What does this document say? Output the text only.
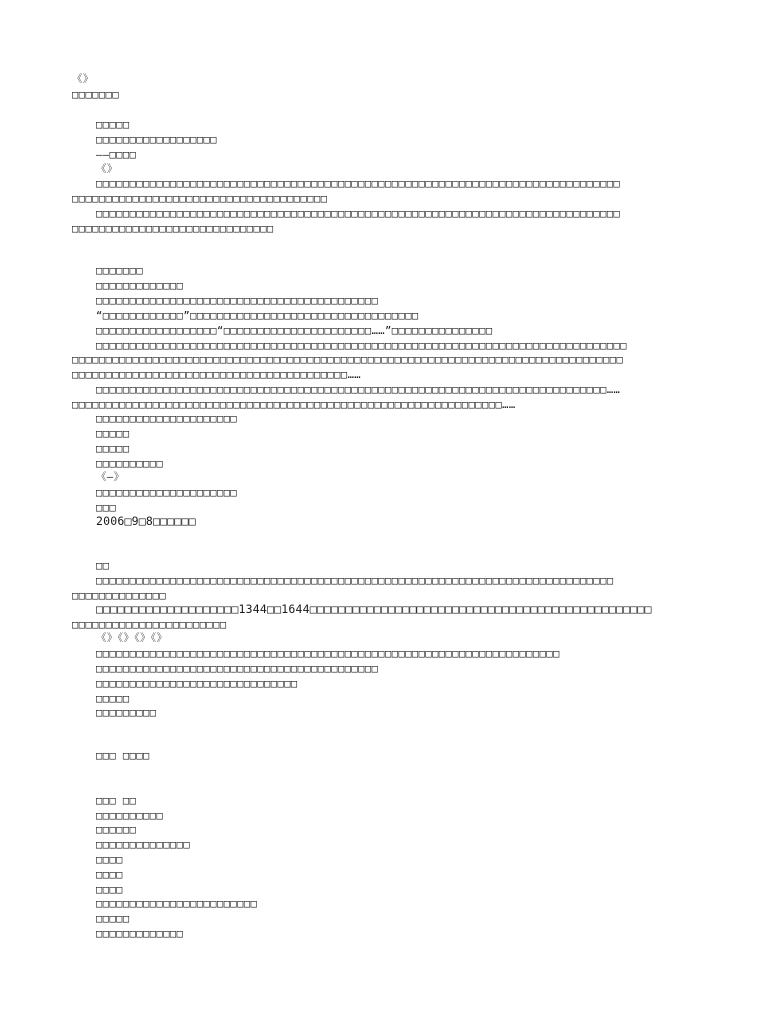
《》
□□□□□□□
□□□□□
□□□□□□□□□□□□□□□□□□
——□□□□
《》
□□□□□□□□□□□□□□□□□□□□□□□□□□□□□□□□□□□□□□□□□□□□□□□□□□□□□□□□□□□□□□□□□□□□□□□□□□□□□□
□□□□□□□□□□□□□□□□□□□□□□□□□□□□□□□□□□□□□□
□□□□□□□□□□□□□□□□□□□□□□□□□□□□□□□□□□□□□□□□□□□□□□□□□□□□□□□□□□□□□□□□□□□□□□□□□□□□□□
□□□□□□□□□□□□□□□□□□□□□□□□□□□□□□
□□□□□□□
□□□□□□□□□□□□□
□□□□□□□□□□□□□□□□□□□□□□□□□□□□□□□□□□□□□□□□□□
“□□□□□□□□□□□□”□□□□□□□□□□□□□□□□□□□□□□□□□□□□□□□□□□
□□□□□□□□□□□□□□□□□□“□□□□□□□□□□□□□□□□□□□□□□……”□□□□□□□□□□□□□□□
□□□□□□□□□□□□□□□□□□□□□□□□□□□□□□□□□□□□□□□□□□□□□□□□□□□□□□□□□□□□□□□□□□□□□□□□□□□□□□□
□□□□□□□□□□□□□□□□□□□□□□□□□□□□□□□□□□□□□□□□□□□□□□□□□□□□□□□□□□□□□□□□□□□□□□□□□□□□□□□□□□
□□□□□□□□□□□□□□□□□□□□□□□□□□□□□□□□□□□□□□□□□……
□□□□□□□□□□□□□□□□□□□□□□□□□□□□□□□□□□□□□□□□□□□□□□□□□□□□□□□□□□□□□□□□□□□□□□□□□□□□……
□□□□□□□□□□□□□□□□□□□□□□□□□□□□□□□□□□□□□□□□□□□□□□□□□□□□□□□□□□□□□□□□……
□□□□□□□□□□□□□□□□□□□□□
□□□□□
□□□□□
□□□□□□□□□□
《—》
□□□□□□□□□□□□□□□□□□□□□
□□□
2006□9□8□□□□□□
□□
□□□□□□□□□□□□□□□□□□□□□□□□□□□□□□□□□□□□□□□□□□□□□□□□□□□□□□□□□□□□□□□□□□□□□□□□□□□□□
□□□□□□□□□□□□□□
□□□□□□□□□□□□□□□□□□□□1344□□1644□□□□□□□□□□□□□□□□□□□□□□□□□□□□□□□□□□□□□□□□□□□□□□□□
□□□□□□□□□□□□□□□□□□□□□□□
《》《》《》《》
□□□□□□□□□□□□□□□□□□□□□□□□□□□□□□□□□□□□□□□□□□□□□□□□□□□□□□□□□□□□□□□□□□□□□
□□□□□□□□□□□□□□□□□□□□□□□□□□□□□□□□□□□□□□□□□□
□□□□□□□□□□□□□□□□□□□□□□□□□□□□□□
□□□□□
□□□□□□□□□
□□□ □□□□
□□□ □□
□□□□□□□□□□
□□□□□□
□□□□□□□□□□□□□□
□□□□
□□□□
□□□□
□□□□□□□□□□□□□□□□□□□□□□□□
□□□□□
□□□□□□□□□□□□□
